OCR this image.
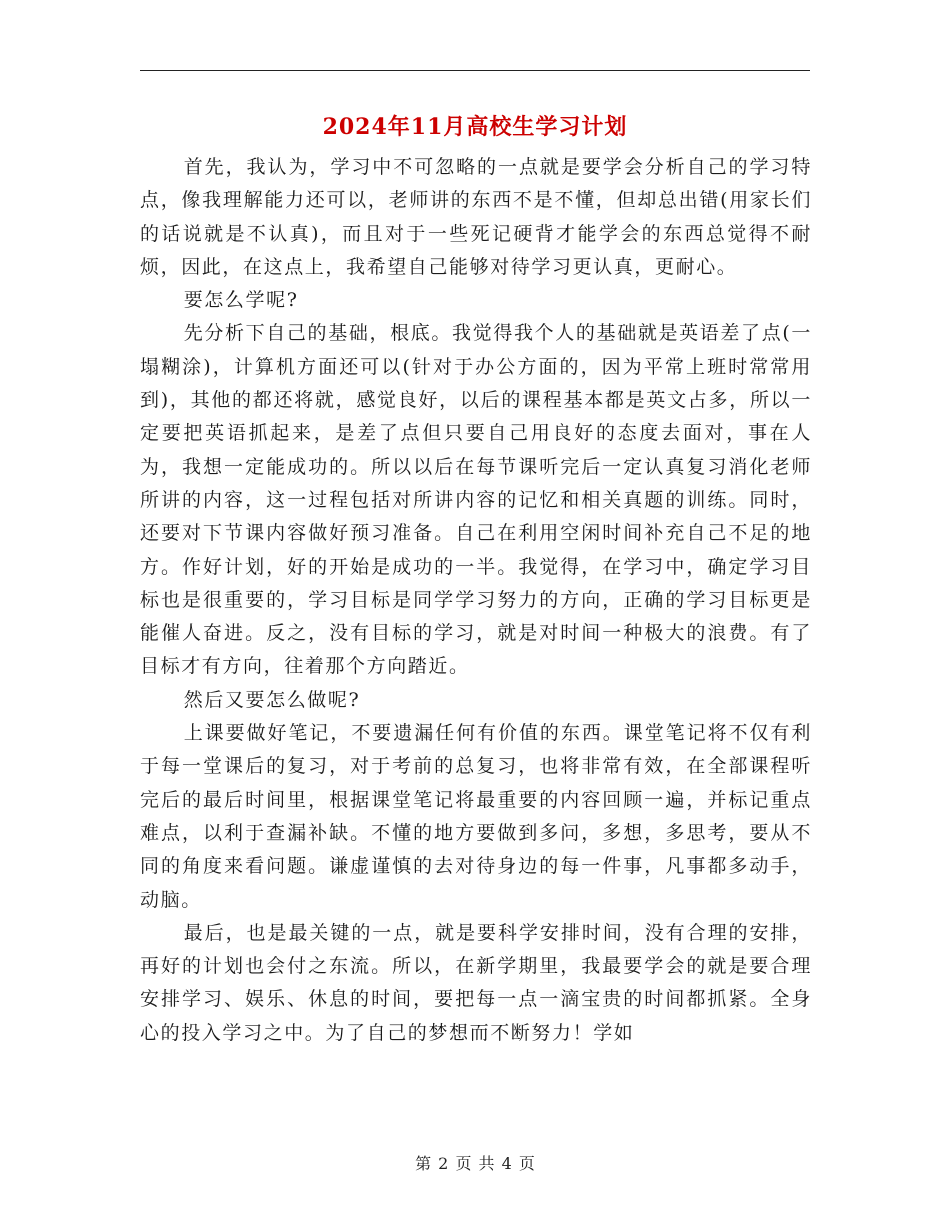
2024年11月高校生学习计划

首先，我认为，学习中不可忽略的一点就是要学会分析自己的学习特点，像我理解能力还可以，老师讲的东西不是不懂，但却总出错(用家长们的话说就是不认真)，而且对于一些死记硬背才能学会的东西总觉得不耐烦，因此，在这点上，我希望自己能够对待学习更认真，更耐心。

要怎么学呢?

先分析下自己的基础，根底。我觉得我个人的基础就是英语差了点(一塌糊涂)，计算机方面还可以(针对于办公方面的，因为平常上班时常常用到)，其他的都还将就，感觉良好，以后的课程基本都是英文占多，所以一定要把英语抓起来，是差了点但只要自己用良好的态度去面对，事在人为，我想一定能成功的。所以以后在每节课听完后一定认真复习消化老师所讲的内容，这一过程包括对所讲内容的记忆和相关真题的训练。同时，还要对下节课内容做好预习准备。自己在利用空闲时间补充自己不足的地方。作好计划，好的开始是成功的一半。我觉得，在学习中，确定学习目标也是很重要的，学习目标是同学学习努力的方向，正确的学习目标更是能催人奋进。反之，没有目标的学习，就是对时间一种极大的浪费。有了目标才有方向，往着那个方向踏近。

然后又要怎么做呢?

上课要做好笔记，不要遗漏任何有价值的东西。课堂笔记将不仅有利于每一堂课后的复习，对于考前的总复习，也将非常有效，在全部课程听完后的最后时间里，根据课堂笔记将最重要的内容回顾一遍，并标记重点难点，以利于查漏补缺。不懂的地方要做到多问，多想，多思考，要从不同的角度来看问题。谦虚谨慎的去对待身边的每一件事，凡事都多动手，动脑。

最后，也是最关键的一点，就是要科学安排时间，没有合理的安排，再好的计划也会付之东流。所以，在新学期里，我最要学会的就是要合理安排学习、娱乐、休息的时间，要把每一点一滴宝贵的时间都抓紧。全身心的投入学习之中。为了自己的梦想而不断努力！学如

第 2 页 共 4 页
